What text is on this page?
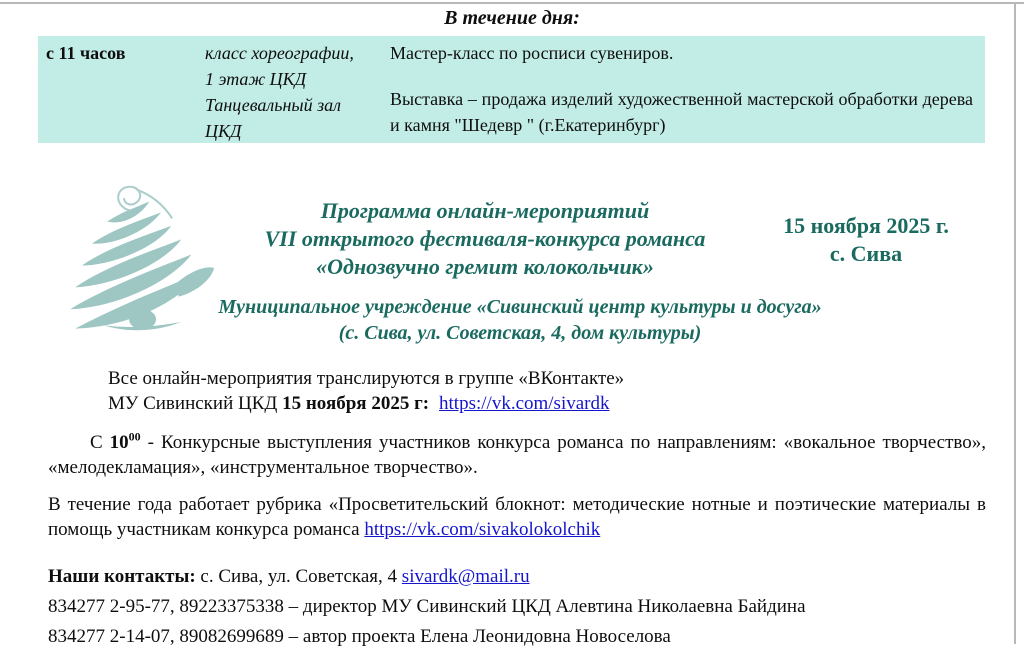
В течение дня:
с 11 часов	класс хореографии,
1 этаж ЦКД
Танцевальный зал
ЦКД

Мастер-класс по росписи сувениров.

Выставка – продажа изделий художественной мастерской обработки дерева и камня "Шедевр " (г.Екатеринбург)

Программа онлайн-мероприятий
VII открытого фестиваля-конкурса романса
«Однозвучно гремит колокольчик»
15 ноября 2025 г.
с. Сива
Муниципальное учреждение «Сивинский центр культуры и досуга»
(с. Сива, ул. Советская, 4, дом культуры)

Все онлайн-мероприятия транслируются в группе «ВКонтакте»
МУ Сивинский ЦКД 15 ноября 2025 г: https://vk.com/sivardk

С $10^{00}$ - Конкурсные выступления участников конкурса романса по направлениям: «вокальное творчество», «мелодекламация», «инструментальное творчество».

В течение года работает рубрика «Просветительский блокнот: методические нотные и поэтические материалы в помощь участникам конкурса романса https://vk.com/sivakolokolchik

Наши контакты: с. Сива, ул. Советская, 4 sivardk@mail.ru
834277 2-95-77, 89223375338 – директор МУ Сивинский ЦКД Алевтина Николаевна Байдина
834277 2-14-07, 89082699689 – автор проекта Елена Леонидовна Новоселова
